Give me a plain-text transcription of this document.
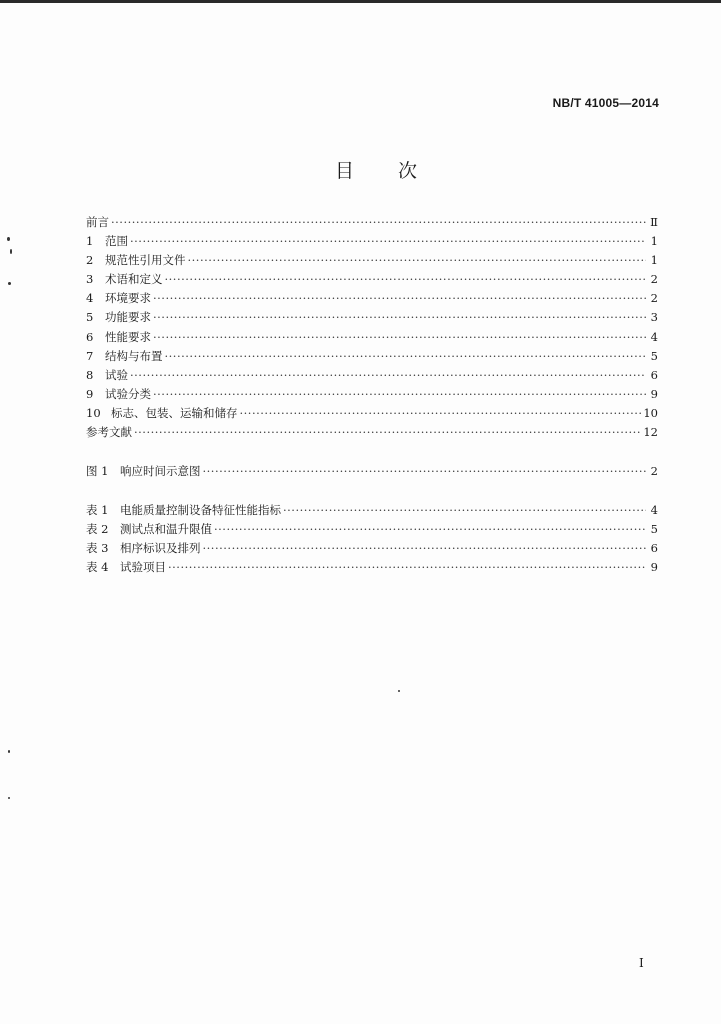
NB/T 41005—2014
目次
前言 ·····	Ⅱ
1	范围 ·····	1
2	规范性引用文件 ·····	1
3	术语和定义 ·····	2
4	环境要求 ·····	2
5	功能要求 ·····	3
6	性能要求 ·····	4
7	结构与布置 ·····	5
8	试验 ·····	6
9	试验分类 ·····	9
10 标志、包装、运输和储存 ·····	10
参考文献 ·····	12
图 1	响应时间示意图 ·····	2
表 1	电能质量控制设备特征性能指标 ·····	4
表 2	测试点和温升限值 ·····	5
表 3	相序标识及排列 ·····	6
表 4	试验项目 ·····	9
I
